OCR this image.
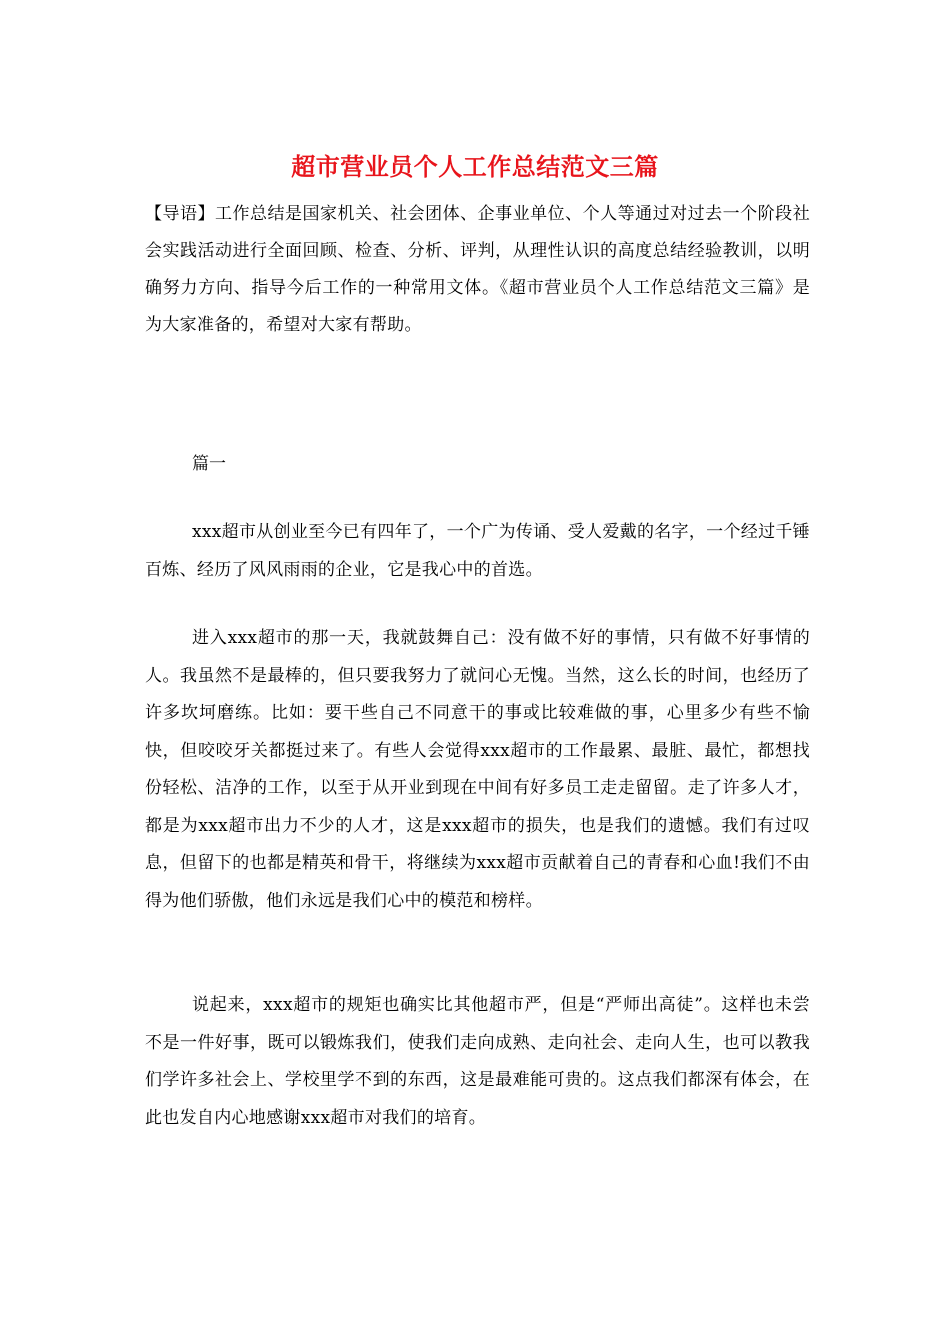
超市营业员个人工作总结范文三篇
【导语】工作总结是国家机关、社会团体、企事业单位、个人等通过对过去一个阶段社会实践活动进行全面回顾、检查、分析、评判，从理性认识的高度总结经验教训，以明确努力方向、指导今后工作的一种常用文体。《超市营业员个人工作总结范文三篇》是为大家准备的，希望对大家有帮助。
篇一
xxx超市从创业至今已有四年了，一个广为传诵、受人爱戴的名字，一个经过千锤百炼、经历了风风雨雨的企业，它是我心中的首选。
进入xxx超市的那一天，我就鼓舞自己：没有做不好的事情，只有做不好事情的人。我虽然不是最棒的，但只要我努力了就问心无愧。当然，这么长的时间，也经历了许多坎坷磨练。比如：要干些自己不同意干的事或比较难做的事，心里多少有些不愉快，但咬咬牙关都挺过来了。有些人会觉得xxx超市的工作最累、最脏、最忙，都想找份轻松、洁净的工作，以至于从开业到现在中间有好多员工走走留留。走了许多人才，都是为xxx超市出力不少的人才，这是xxx超市的损失，也是我们的遗憾。我们有过叹息，但留下的也都是精英和骨干，将继续为xxx超市贡献着自己的青春和心血!我们不由得为他们骄傲，他们永远是我们心中的模范和榜样。
说起来，xxx超市的规矩也确实比其他超市严，但是“严师出高徒”。这样也未尝不是一件好事，既可以锻炼我们，使我们走向成熟、走向社会、走向人生，也可以教我们学许多社会上、学校里学不到的东西，这是最难能可贵的。这点我们都深有体会，在此也发自内心地感谢xxx超市对我们的培育。
